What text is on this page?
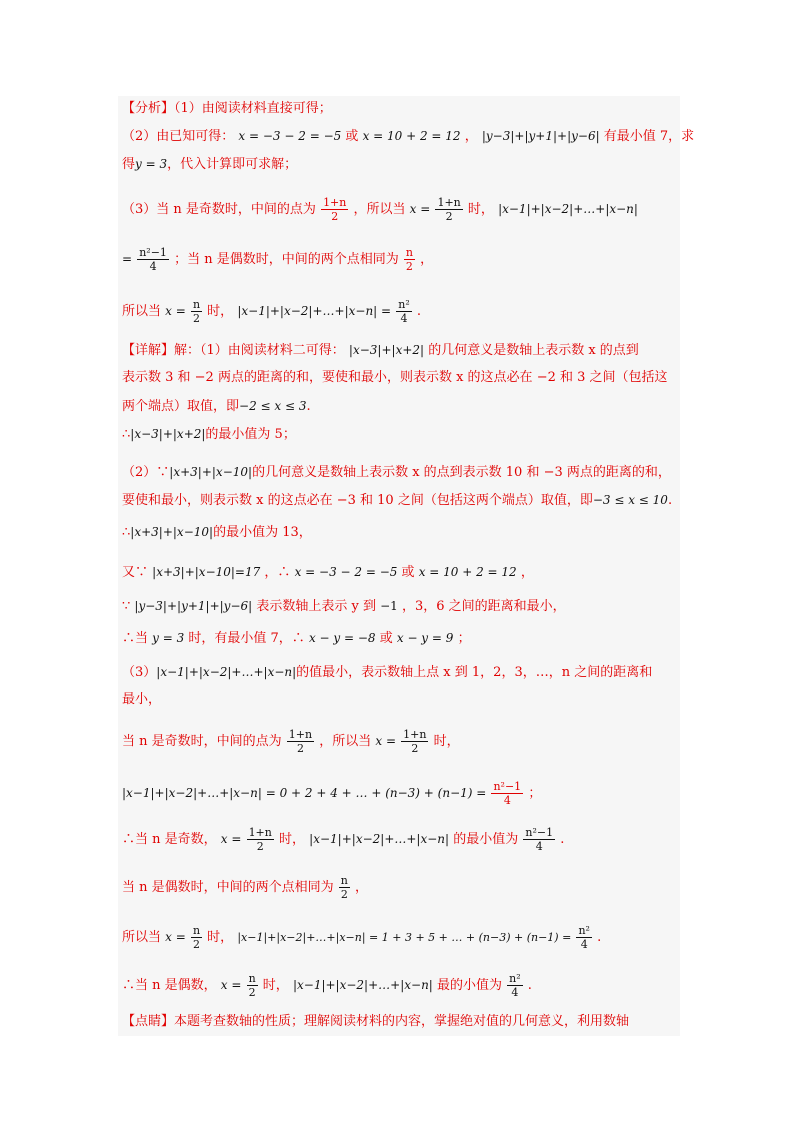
【分析】（1）由阅读材料直接可得；
（2）由已知可得： x = −3 − 2 = −5 或 x = 10 + 2 = 12 ， |y−3|+|y+1|+|y−6| 有最小值 7，求
得y = 3，代入计算即可求解；
（3）当 n 是奇数时，中间的点为 $\frac{1+n}{2}$ ，所以当 $x = \frac{1+n}{2}$ 时， |x−1|+|x−2|+…+|x−n|
= $\frac{\text{n²−1}}{4}$ ；当 n 是偶数时，中间的两个点相同为 $\frac{n}{2}$ ，
所以当 $x = \frac{n}{2}$ 时， |x−1|+|x−2|+…+|x−n| = $\frac{\text{n²}}{4}$ .
【详解】解：（1）由阅读材料二可得： |x−3|+|x+2| 的几何意义是数轴上表示数 x 的点到
表示数 3 和 −2 两点的距离的和，要使和最小，则表示数 x 的这点必在 −2 和 3 之间（包括这
两个端点）取值，即−2 ≤ x ≤ 3.
∴|x−3|+|x+2|的最小值为 5；
（2）∵|x+3|+|x−10|的几何意义是数轴上表示数 x 的点到表示数 10 和 −3 两点的距离的和，
要使和最小，则表示数 x 的这点必在 −3 和 10 之间（包括这两个端点）取值，即−3 ≤ x ≤ 10.
∴|x+3|+|x−10|的最小值为 13，
又∵ |x+3|+|x−10|=17 ，∴ x = −3 − 2 = −5 或 x = 10 + 2 = 12 ，
∵ |y−3|+|y+1|+|y−6| 表示数轴上表示 y 到 −1 ，3，6 之间的距离和最小，
∴当 y = 3 时，有最小值 7，∴ x − y = −8 或 x − y = 9 ；
（3）|x−1|+|x−2|+…+|x−n|的值最小，表示数轴上点 x 到 1，2，3，…，n 之间的距离和
最小，
当 n 是奇数时，中间的点为 $\frac{1+n}{2}$ ，所以当 $x = \frac{1+n}{2}$ 时，
|x−1|+|x−2|+…+|x−n| = 0 + 2 + 4 + … + $(n-3) + (n-1) = \frac{\text{n²−1}}{4}$ ；
∴当 n 是奇数， $x = \frac{1+n}{2}$ 时， |x−1|+|x−2|+…+|x−n| 的最小值为 $\frac{\text{n²−1}}{4}$ .
当 n 是偶数时，中间的两个点相同为 $\frac{n}{2}$ ，
所以当 $x = \frac{n}{2}$ 时， |x−1|+|x−2|+…+|x−n| = 1 + 3 + 5 + … + $(n-3) + (n-1) = \frac{\text{n²}}{4}$ .
∴当 n 是偶数， $x = \frac{n}{2}$ 时， |x−1|+|x−2|+…+|x−n| 最的小值为 $\frac{\text{n²}}{4}$ .
【点睛】本题考查数轴的性质；理解阅读材料的内容，掌握绝对值的几何意义，利用数轴
